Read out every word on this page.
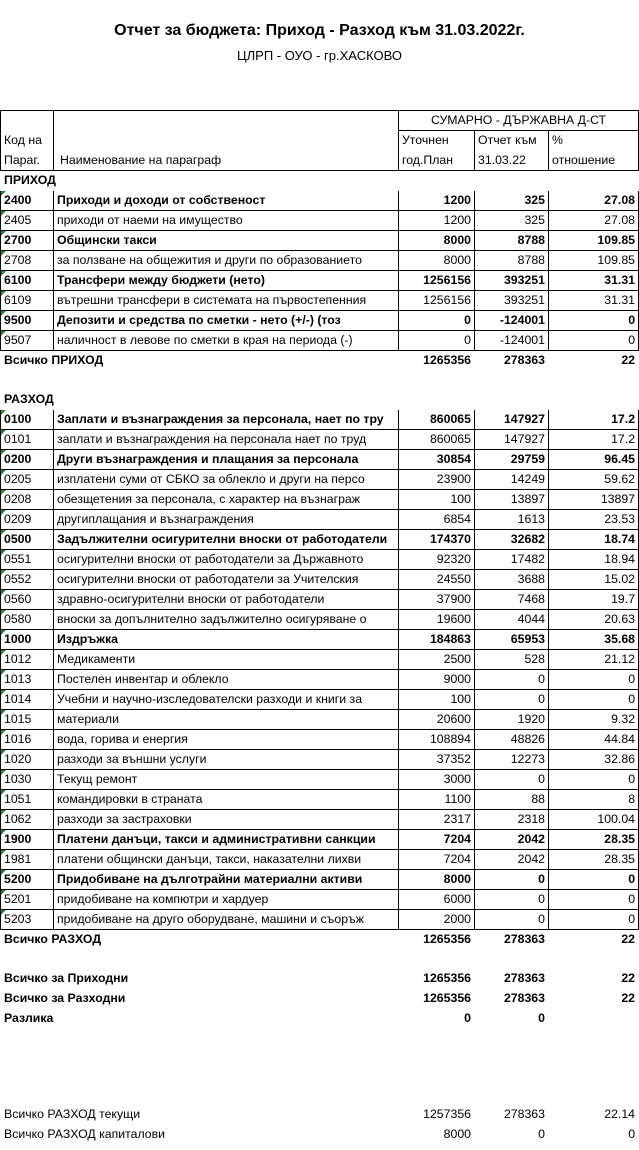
Отчет за бюджета: Приход - Разход към 31.03.2022г.
ЦЛРП - ОУО - гр.ХАСКОВО
		СУМАРНО - ДЪРЖАВНА Д-СТ		
Код на		Уточнен	Отчет към	%
Параг.	Наименование на параграф	год.План	31.03.22	отношение
ПРИХОД				
2400	Приходи и доходи от собственост	1200	325	27.08
2405	приходи от наеми на имущество	1200	325	27.08
2700	Общински такси	8000	8788	109.85
2708	за ползване на общежития и други по образованието	8000	8788	109.85
6100	Трансфери между бюджети (нето)	1256156	393251	31.31
6109	вътрешни трансфери в системата на първостепенния	1256156	393251	31.31
9500	Депозити и средства по сметки - нето (+/-) (тоз	0	-124001	0
9507	наличност в левове по сметки в края на периода (-)	0	-124001	0
Всичко ПРИХОД		1265356	278363	22

РАЗХОД				
0100	Заплати и възнаграждения за персонала, нает по тру	860065	147927	17.2
0101	заплати и възнаграждения на персонала нает по труд	860065	147927	17.2
0200	Други възнаграждения и плащания за персонала	30854	29759	96.45
0205	изплатени суми от СБКО за облекло и други на персо	23900	14249	59.62
0208	обезщетения за персонала, с характер на възнаграж	100	13897	13897
0209	другиплащания и възнаграждения	6854	1613	23.53
0500	Задължителни осигурителни вноски от работодатели	174370	32682	18.74
0551	осигурителни вноски от работодатели за Държавното	92320	17482	18.94
0552	осигурителни вноски от работодатели за Учителския	24550	3688	15.02
0560	здравно-осигурителни вноски от работодатели	37900	7468	19.7
0580	вноски за допълнително задължително осигуряване о	19600	4044	20.63
1000	Издръжка	184863	65953	35.68
1012	Медикаменти	2500	528	21.12
1013	Постелен инвентар и облекло	9000	0	0
1014	Учебни и научно-изследователски разходи и книги за	100	0	0
1015	материали	20600	1920	9.32
1016	вода, горива и енергия	108894	48826	44.84
1020	разходи за външни услуги	37352	12273	32.86
1030	Текущ ремонт	3000	0	0
1051	командировки в страната	1100	88	8
1062	разходи за застраховки	2317	2318	100.04
1900	Платени данъци, такси и административни санкции	7204	2042	28.35
1981	платени общински данъци, такси, наказателни лихви	7204	2042	28.35
5200	Придобиване на дълготрайни материални активи	8000	0	0
5201	придобиване на компютри и хардуер	6000	0	0
5203	придобиване на друго оборудване, машини и съоръж	2000	0	0
Всичко РАЗХОД		1265356	278363	22

Всичко за Приходни		1265356	278363	22
Всичко за Разходни		1265356	278363	22
Разлика		0	0	

Всичко РАЗХОД текущи		1257356	278363	22.14
Всичко РАЗХОД капиталови		8000	0	0
